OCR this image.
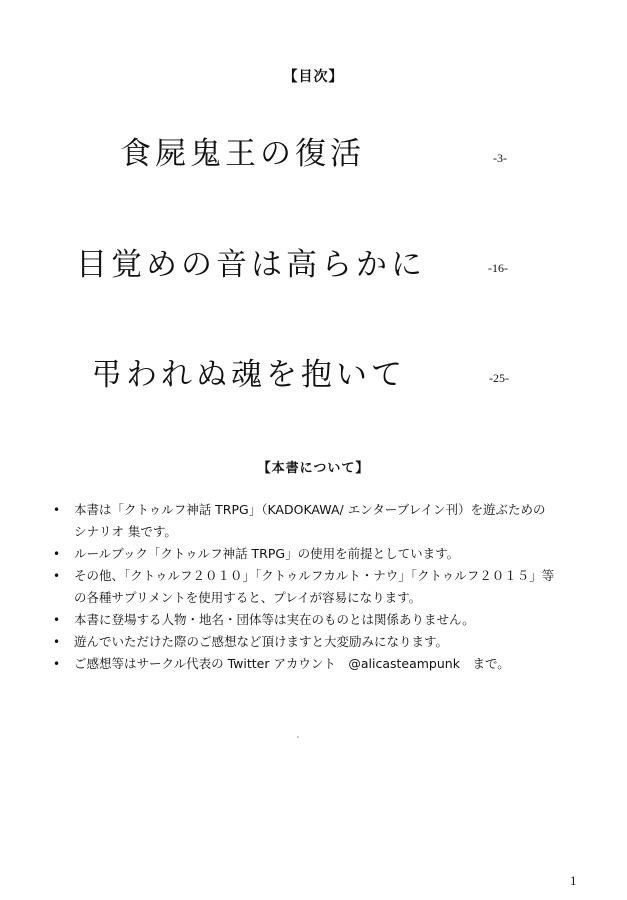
【目次】
食屍鬼王の復活	-3-
目覚めの音は高らかに	-16-
弔われぬ魂を抱いて	-25-
【本書について】
• 本書は「クトゥルフ神話 TRPG」（KADOKAWA/ エンターブレイン刊）を遊ぶための
シナリオ 集です。
• ルールブック「クトゥルフ神話 TRPG」の使用を前提としています。
• その他、「クトゥルフ２０１０」「クトゥルフカルト・ナウ」「クトゥルフ２０１５」等
の各種サプリメントを使用すると、プレイが容易になります。
• 本書に登場する人物・地名・団体等は実在のものとは関係ありません。
• 遊んでいただけた際のご感想など頂けますと大変励みになります。
• ご感想等はサークル代表の Twitter アカウント　@alicasteampunk　まで。
1
